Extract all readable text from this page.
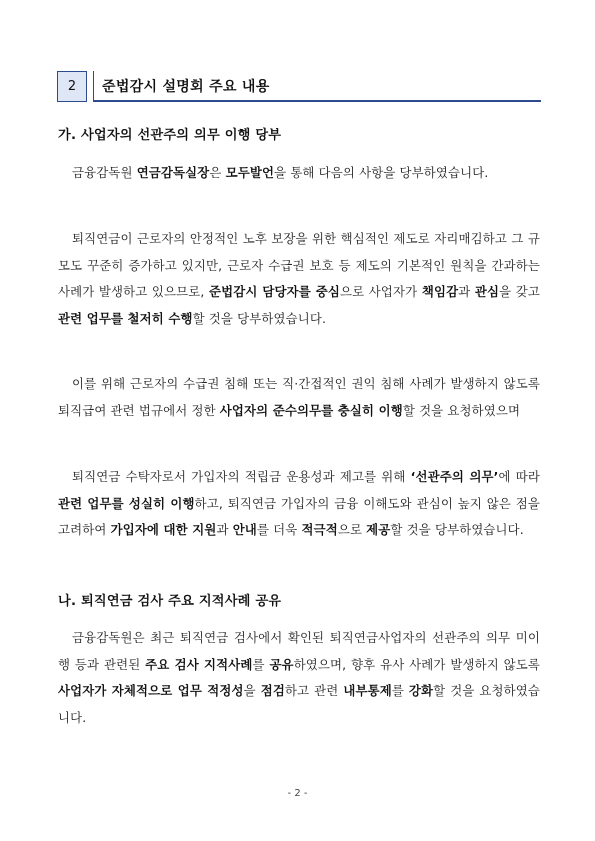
2 준법감시 설명회 주요 내용
가. 사업자의 선관주의 의무 이행 당부

금융감독원 연금감독실장은 모두발언을 통해 다음의 사항을 당부하였습니다.

퇴직연금이 근로자의 안정적인 노후 보장을 위한 핵심적인 제도로 자리매김하고 그 규모도 꾸준히 증가하고 있지만, 근로자 수급권 보호 등 제도의 기본적인 원칙을 간과하는 사례가 발생하고 있으므로, 준법감시 담당자를 중심으로 사업자가 책임감과 관심을 갖고 관련 업무를 철저히 수행할 것을 당부하였습니다.

이를 위해 근로자의 수급권 침해 또는 직·간접적인 권익 침해 사례가 발생하지 않도록 퇴직급여 관련 법규에서 정한 사업자의 준수의무를 충실히 이행할 것을 요청하였으며

퇴직연금 수탁자로서 가입자의 적립금 운용성과 제고를 위해 ‘선관주의 의무’에 따라 관련 업무를 성실히 이행하고, 퇴직연금 가입자의 금융 이해도와 관심이 높지 않은 점을 고려하여 가입자에 대한 지원과 안내를 더욱 적극적으로 제공할 것을 당부하였습니다.

나. 퇴직연금 검사 주요 지적사례 공유

금융감독원은 최근 퇴직연금 검사에서 확인된 퇴직연금사업자의 선관주의 의무 미이행 등과 관련된 주요 검사 지적사례를 공유하였으며, 향후 유사 사례가 발생하지 않도록 사업자가 자체적으로 업무 적정성을 점검하고 관련 내부통제를 강화할 것을 요청하였습니다.

- 2 -
